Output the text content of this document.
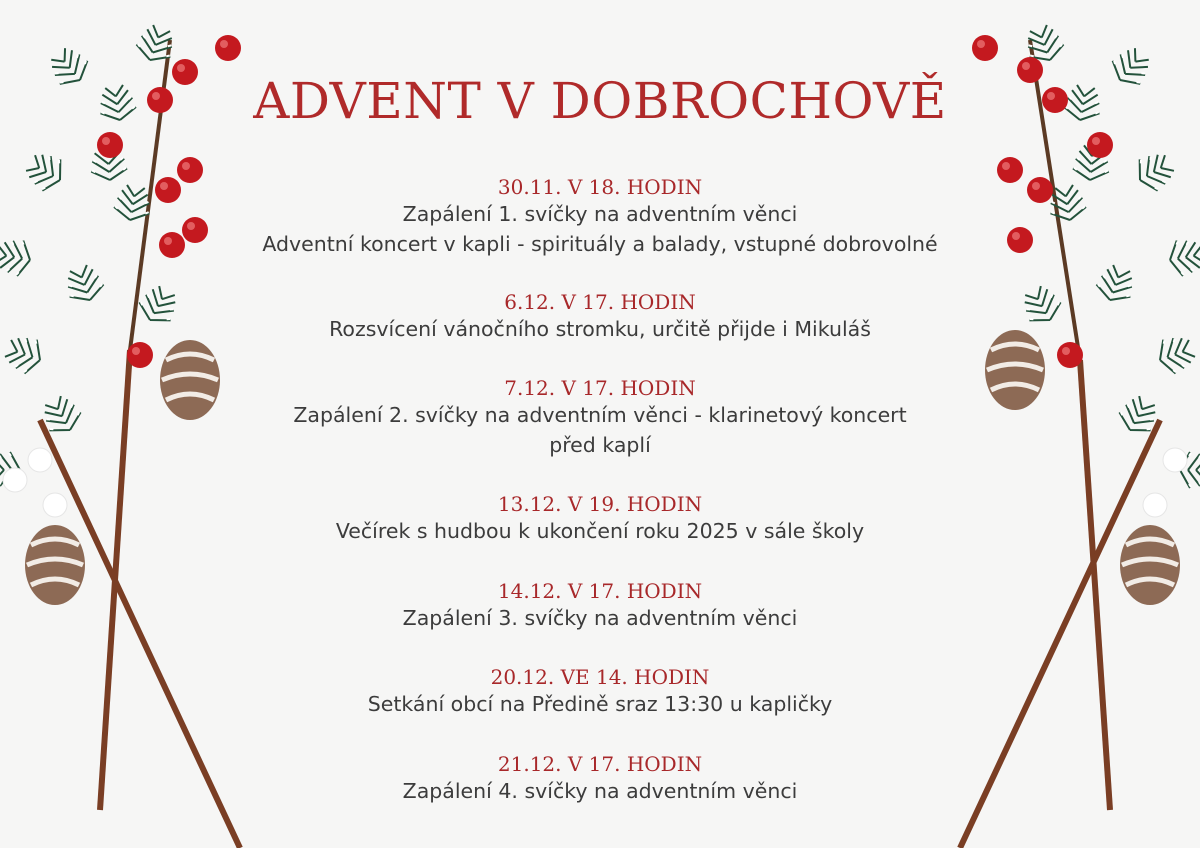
ADVENT V DOBROCHOVĚ
30.11. V 18. HODIN
Zapálení 1. svíčky na adventním věnci
Adventní koncert v kapli - spirituály a balady, vstupné dobrovolné
6.12. V 17. HODIN
Rozsvícení vánočního stromku, určitě přijde i Mikuláš
7.12. V 17. HODIN
Zapálení 2. svíčky na adventním věnci - klarinetový koncert
před kaplí
13.12. V 19. HODIN
Večírek s hudbou k ukončení roku 2025 v sále školy
14.12. V 17. HODIN
Zapálení 3. svíčky na adventním věnci
20.12. VE 14. HODIN
Setkání obcí na Předině sraz 13:30 u kapličky
21.12. V 17. HODIN
Zapálení 4. svíčky na adventním věnci
